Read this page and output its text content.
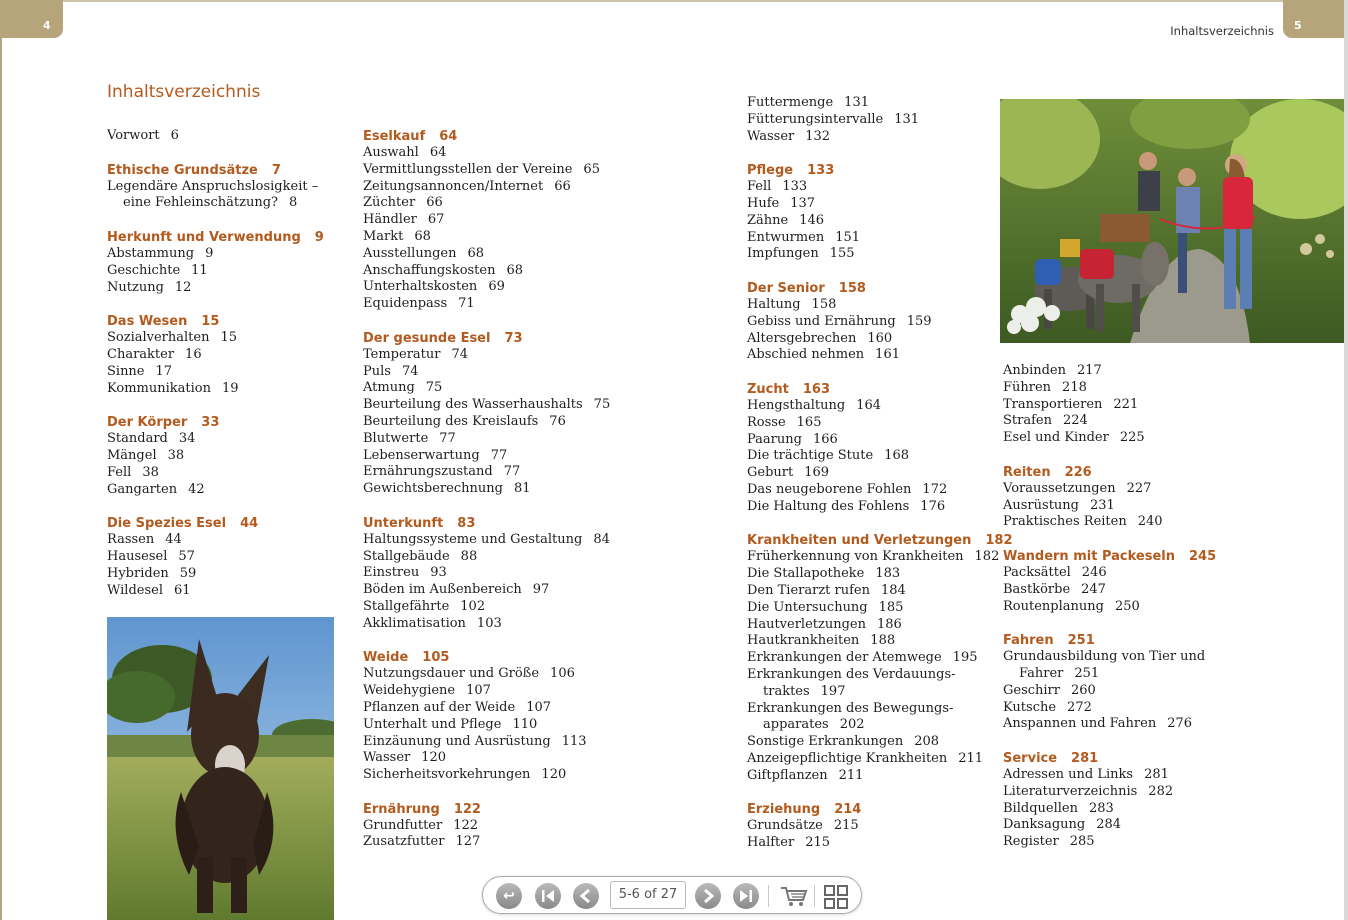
4	5
Inhaltsverzeichnis
Inhaltsverzeichnis
Vorwort 6
Ethische Grundsätze 7
Legendäre Anspruchslosigkeit –
eine Fehleinschätzung? 8
Herkunft und Verwendung 9
Abstammung 9
Geschichte 11
Nutzung 12
Das Wesen 15
Sozialverhalten 15
Charakter 16
Sinne 17
Kommunikation 19
Der Körper 33
Standard 34
Mängel 38
Fell 38
Gangarten 42
Die Spezies Esel 44
Rassen 44
Hausesel 57
Hybriden 59
Wildesel 61
Eselkauf 64
Auswahl 64
Vermittlungsstellen der Vereine 65
Zeitungsannoncen/Internet 66
Züchter 66
Händler 67
Markt 68
Ausstellungen 68
Anschaffungskosten 68
Unterhaltskosten 69
Equidenpass 71
Der gesunde Esel 73
Temperatur 74
Puls 74
Atmung 75
Beurteilung des Wasserhaushalts 75
Beurteilung des Kreislaufs 76
Blutwerte 77
Lebenserwartung 77
Ernährungszustand 77
Gewichtsberechnung 81
Unterkunft 83
Haltungssysteme und Gestaltung 84
Stallgebäude 88
Einstreu 93
Böden im Außenbereich 97
Stallgefährte 102
Akklimatisation 103
Weide 105
Nutzungsdauer und Größe 106
Weidehygiene 107
Pflanzen auf der Weide 107
Unterhalt und Pflege 110
Einzäunung und Ausrüstung 113
Wasser 120
Sicherheitsvorkehrungen 120
Ernährung 122
Grundfutter 122
Zusatzfutter 127
Futtermenge 131
Fütterungsintervalle 131
Wasser 132
Pflege 133
Fell 133
Hufe 137
Zähne 146
Entwurmen 151
Impfungen 155
Der Senior 158
Haltung 158
Gebiss und Ernährung 159
Altersgebrechen 160
Abschied nehmen 161
Zucht 163
Hengsthaltung 164
Rosse 165
Paarung 166
Die trächtige Stute 168
Geburt 169
Das neugeborene Fohlen 172
Die Haltung des Fohlens 176
Krankheiten und Verletzungen 182
Früherkennung von Krankheiten 182
Die Stallapotheke 183
Den Tierarzt rufen 184
Die Untersuchung 185
Hautverletzungen 186
Hautkrankheiten 188
Erkrankungen der Atemwege 195
Erkrankungen des Verdauungs-
traktes 197
Erkrankungen des Bewegungs-
apparates 202
Sonstige Erkrankungen 208
Anzeigepflichtige Krankheiten 211
Giftpflanzen 211
Erziehung 214
Grundsätze 215
Halfter 215
Anbinden 217
Führen 218
Transportieren 221
Strafen 224
Esel und Kinder 225
Reiten 226
Voraussetzungen 227
Ausrüstung 231
Praktisches Reiten 240
Wandern mit Packeseln 245
Packsättel 246
Bastkörbe 247
Routenplanung 250
Fahren 251
Grundausbildung von Tier und
Fahrer 251
Geschirr 260
Kutsche 272
Anspannen und Fahren 276
Service 281
Adressen und Links 281
Literaturverzeichnis 282
Bildquellen 283
Danksagung 284
Register 285
↩	5-6 of 27
